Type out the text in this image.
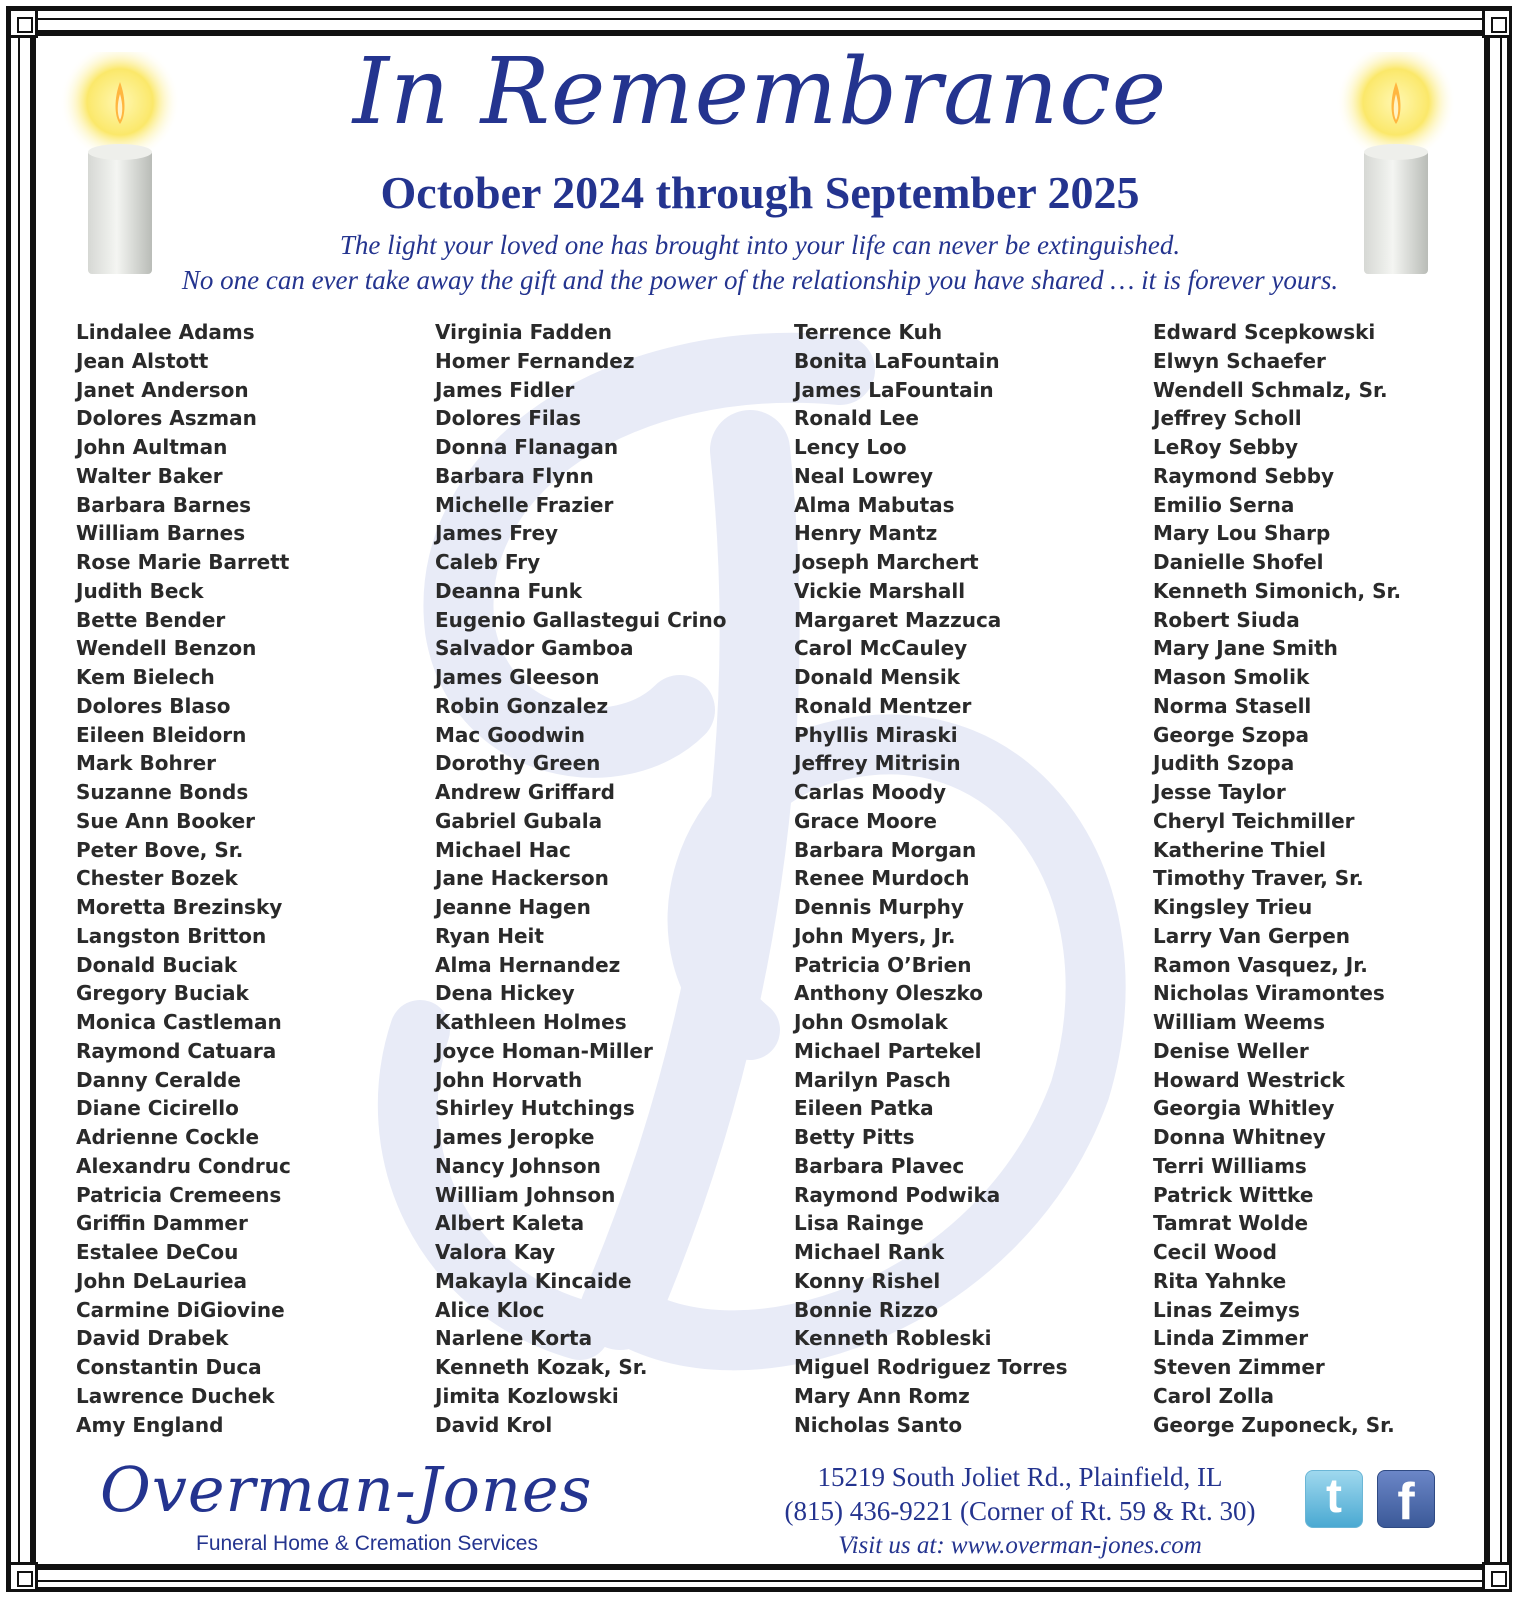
In Remembrance
October 2024 through September 2025
The light your loved one has brought into your life can never be extinguished.
No one can ever take away the gift and the power of the relationship you have shared … it is forever yours.
Lindalee Adams
Jean Alstott
Janet Anderson
Dolores Aszman
John Aultman
Walter Baker
Barbara Barnes
William Barnes
Rose Marie Barrett
Judith Beck
Bette Bender
Wendell Benzon
Kem Bielech
Dolores Blaso
Eileen Bleidorn
Mark Bohrer
Suzanne Bonds
Sue Ann Booker
Peter Bove, Sr.
Chester Bozek
Moretta Brezinsky
Langston Britton
Donald Buciak
Gregory Buciak
Monica Castleman
Raymond Catuara
Danny Ceralde
Diane Cicirello
Adrienne Cockle
Alexandru Condruc
Patricia Cremeens
Griffin Dammer
Estalee DeCou
John DeLauriea
Carmine DiGiovine
David Drabek
Constantin Duca
Lawrence Duchek
Amy England
Virginia Fadden
Homer Fernandez
James Fidler
Dolores Filas
Donna Flanagan
Barbara Flynn
Michelle Frazier
James Frey
Caleb Fry
Deanna Funk
Eugenio Gallastegui Crino
Salvador Gamboa
James Gleeson
Robin Gonzalez
Mac Goodwin
Dorothy Green
Andrew Griffard
Gabriel Gubala
Michael Hac
Jane Hackerson
Jeanne Hagen
Ryan Heit
Alma Hernandez
Dena Hickey
Kathleen Holmes
Joyce Homan-Miller
John Horvath
Shirley Hutchings
James Jeropke
Nancy Johnson
William Johnson
Albert Kaleta
Valora Kay
Makayla Kincaide
Alice Kloc
Narlene Korta
Kenneth Kozak, Sr.
Jimita Kozlowski
David Krol
Terrence Kuh
Bonita LaFountain
James LaFountain
Ronald Lee
Lency Loo
Neal Lowrey
Alma Mabutas
Henry Mantz
Joseph Marchert
Vickie Marshall
Margaret Mazzuca
Carol McCauley
Donald Mensik
Ronald Mentzer
Phyllis Miraski
Jeffrey Mitrisin
Carlas Moody
Grace Moore
Barbara Morgan
Renee Murdoch
Dennis Murphy
John Myers, Jr.
Patricia O’Brien
Anthony Oleszko
John Osmolak
Michael Partekel
Marilyn Pasch
Eileen Patka
Betty Pitts
Barbara Plavec
Raymond Podwika
Lisa Rainge
Michael Rank
Konny Rishel
Bonnie Rizzo
Kenneth Robleski
Miguel Rodriguez Torres
Mary Ann Romz
Nicholas Santo
Edward Scepkowski
Elwyn Schaefer
Wendell Schmalz, Sr.
Jeffrey Scholl
LeRoy Sebby
Raymond Sebby
Emilio Serna
Mary Lou Sharp
Danielle Shofel
Kenneth Simonich, Sr.
Robert Siuda
Mary Jane Smith
Mason Smolik
Norma Stasell
George Szopa
Judith Szopa
Jesse Taylor
Cheryl Teichmiller
Katherine Thiel
Timothy Traver, Sr.
Kingsley Trieu
Larry Van Gerpen
Ramon Vasquez, Jr.
Nicholas Viramontes
William Weems
Denise Weller
Howard Westrick
Georgia Whitley
Donna Whitney
Terri Williams
Patrick Wittke
Tamrat Wolde
Cecil Wood
Rita Yahnke
Linas Zeimys
Linda Zimmer
Steven Zimmer
Carol Zolla
George Zuponeck, Sr.
Overman-Jones
Funeral Home & Cremation Services
15219 South Joliet Rd., Plainfield, IL
(815) 436-9221 (Corner of Rt. 59 & Rt. 30)
Visit us at: www.overman-jones.com
t	f
